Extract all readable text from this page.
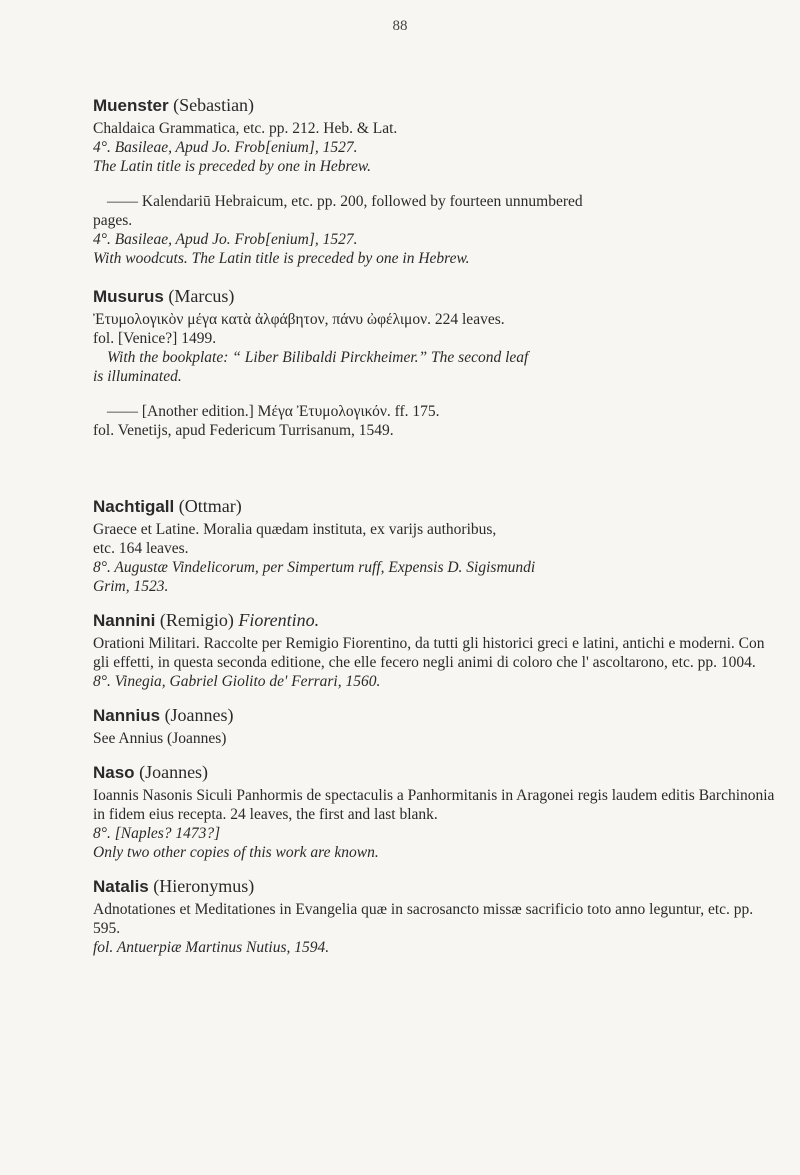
88
Muenster (Sebastian)

Chaldaica Grammatica, etc. pp. 212. Heb. & Lat.

4°. Basileae, Apud Jo. Frob[enium], 1527.

The Latin title is preceded by one in Hebrew.

—— Kalendariū Hebraicum, etc. pp. 200, followed by fourteen unnumbered

pages.

4°. Basileae, Apud Jo. Frob[enium], 1527.

With woodcuts. The Latin title is preceded by one in Hebrew.

Musurus (Marcus)

Ἐτυμολογικὸν μέγα κατὰ ἀλφάβητον, πάνυ ὠφέλιμον. 224 leaves.

fol. [Venice?] 1499.

With the bookplate: “ Liber Bilibaldi Pirckheimer.” The second leaf

is illuminated.

—— [Another edition.] Μέγα Ἐτυμολογικόν. ff. 175.

fol. Venetijs, apud Federicum Turrisanum, 1549.

Nachtigall (Ottmar)

Graece et Latine. Moralia quædam instituta, ex varijs authoribus,

etc. 164 leaves.

8°. Augustæ Vindelicorum, per Simpertum ruff, Expensis D. Sigismundi

Grim, 1523.

Nannini (Remigio) Fiorentino.

Orationi Militari. Raccolte per Remigio Fiorentino, da tutti gli historici greci e latini, antichi e moderni. Con gli effetti, in questa seconda editione, che elle fecero negli animi di coloro che l' ascoltarono, etc. pp. 1004.

8°. Vinegia, Gabriel Giolito de' Ferrari, 1560.

Nannius (Joannes)

See Annius (Joannes)

Naso (Joannes)

Ioannis Nasonis Siculi Panhormis de spectaculis a Panhormitanis in Aragonei regis laudem editis Barchinonia in fidem eius recepta. 24 leaves, the first and last blank.

8°. [Naples? 1473?]

Only two other copies of this work are known.

Natalis (Hieronymus)

Adnotationes et Meditationes in Evangelia quæ in sacrosancto missæ sacrificio toto anno leguntur, etc. pp. 595.

fol. Antuerpiæ Martinus Nutius, 1594.
